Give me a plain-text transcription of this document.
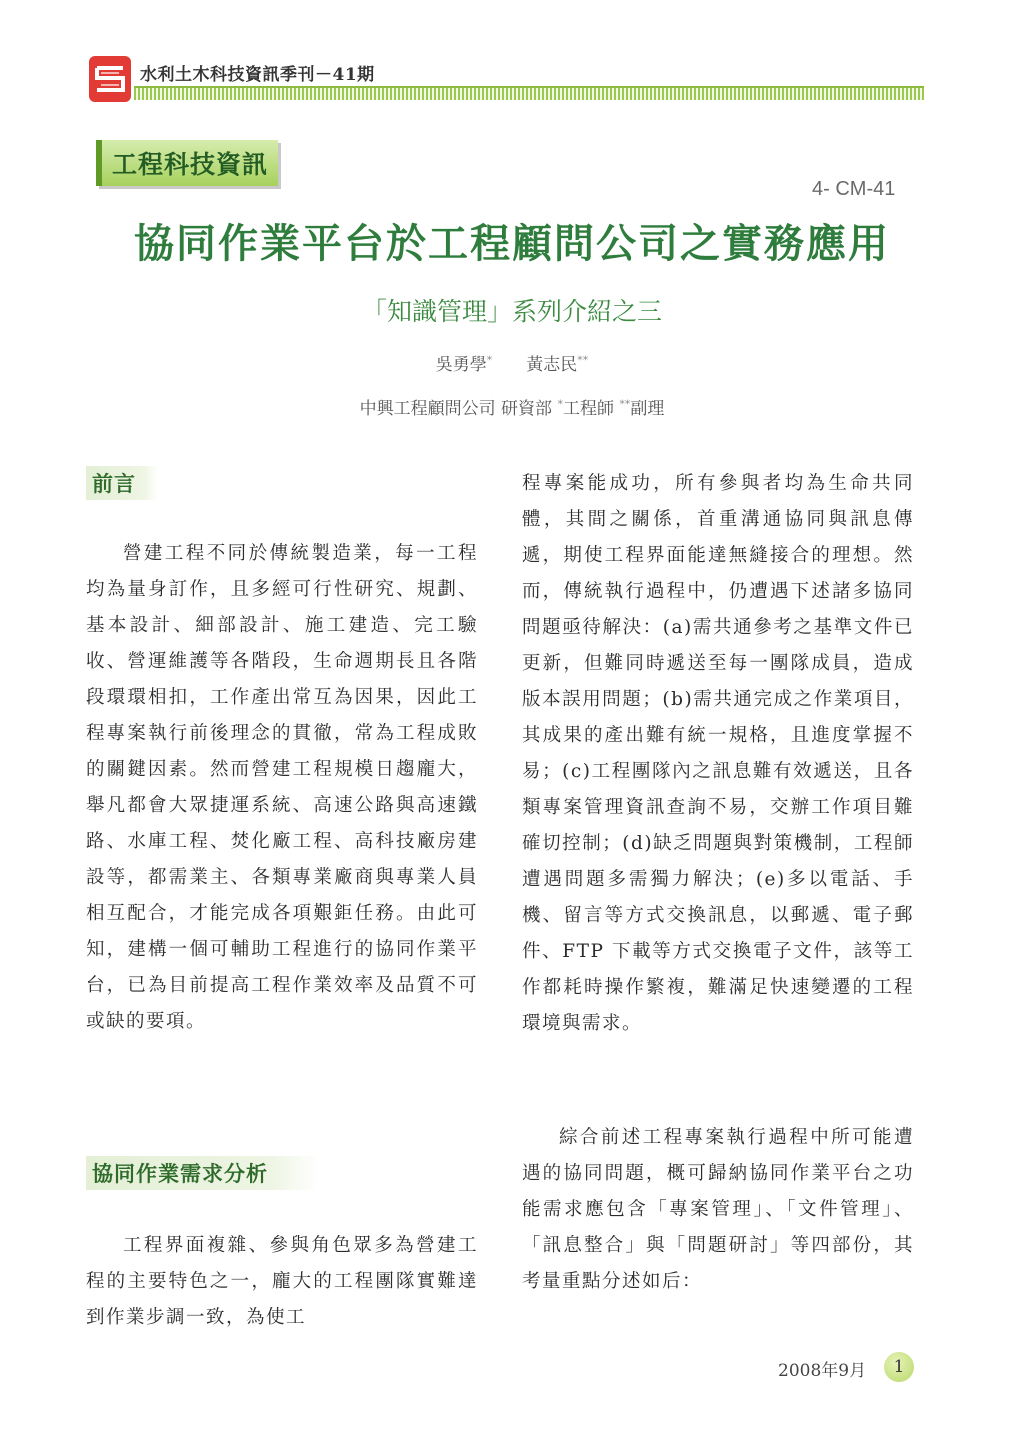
水利土木科技資訊季刊－41期
工程科技資訊
4- CM-41
協同作業平台於工程顧問公司之實務應用
「知識管理」系列介紹之三
吳勇學* 黃志民**
中興工程顧問公司 研資部 *工程師 **副理
前言
營建工程不同於傳統製造業，每一工程均為量身訂作，且多經可行性研究、規劃、基本設計、細部設計、施工建造、完工驗收、營運維護等各階段，生命週期長且各階段環環相扣，工作產出常互為因果，因此工程專案執行前後理念的貫徹，常為工程成敗的關鍵因素。然而營建工程規模日趨龐大，舉凡都會大眾捷運系統、高速公路與高速鐵路、水庫工程、焚化廠工程、高科技廠房建設等，都需業主、各類專業廠商與專業人員相互配合，才能完成各項艱鉅任務。由此可知，建構一個可輔助工程進行的協同作業平台，已為目前提高工程作業效率及品質不可或缺的要項。
協同作業需求分析
工程界面複雜、參與角色眾多為營建工程的主要特色之一，龐大的工程團隊實難達到作業步調一致，為使工
程專案能成功，所有參與者均為生命共同體，其間之關係，首重溝通協同與訊息傳遞，期使工程界面能達無縫接合的理想。然而，傳統執行過程中，仍遭遇下述諸多協同問題亟待解決：(a)需共通參考之基準文件已更新，但難同時遞送至每一團隊成員，造成版本誤用問題；(b)需共通完成之作業項目，其成果的產出難有統一規格，且進度掌握不易；(c)工程團隊內之訊息難有效遞送，且各類專案管理資訊查詢不易，交辦工作項目難確切控制；(d)缺乏問題與對策機制，工程師遭遇問題多需獨力解決；(e)多以電話、手機、留言等方式交換訊息，以郵遞、電子郵件、FTP 下載等方式交換電子文件，該等工作都耗時操作繁複，難滿足快速變遷的工程環境與需求。
綜合前述工程專案執行過程中所可能遭遇的協同問題，概可歸納協同作業平台之功能需求應包含「專案管理」、「文件管理」、「訊息整合」與「問題研討」等四部份，其考量重點分述如后：
2008年9月	1
